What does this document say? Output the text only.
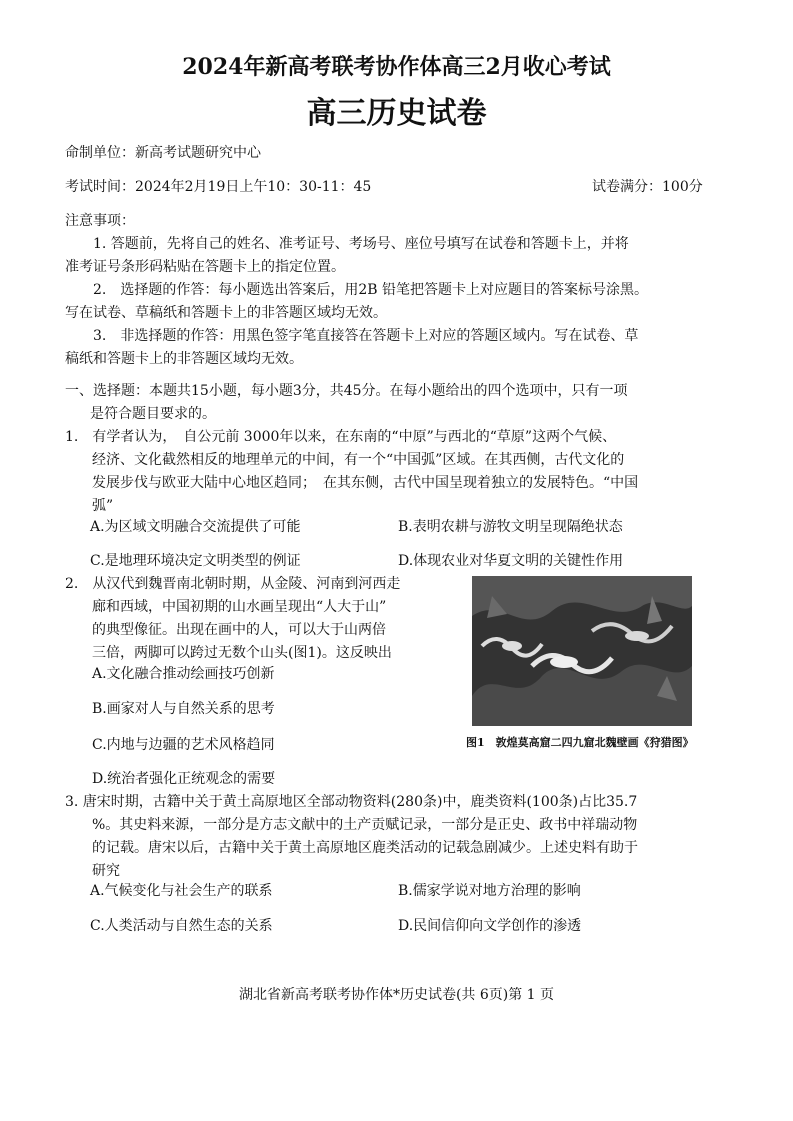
2024年新高考联考协作体高三2月收心考试
高三历史试卷
命制单位：新高考试题研究中心
考试时间：2024年2月19日上午10：30-11：45	试卷满分：100分
注意事项：
1. 答题前，先将自己的姓名、准考证号、考场号、座位号填写在试卷和答题卡上，并将
准考证号条形码粘贴在答题卡上的指定位置。
2.　选择题的作答：每小题选出答案后，用2B 铅笔把答题卡上对应题目的答案标号涂黑。
写在试卷、草稿纸和答题卡上的非答题区域均无效。
3.　非选择题的作答：用黑色签字笔直接答在答题卡上对应的答题区域内。写在试卷、草
稿纸和答题卡上的非答题区域均无效。
一、选择题：本题共15小题，每小题3分，共45分。在每小题给出的四个选项中，只有一项
是符合题目要求的。
1.　有学者认为，　自公元前 3000年以来，在东南的“中原”与西北的“草原”这两个气候、
经济、文化截然相反的地理单元的中间，有一个“中国弧”区域。在其西侧，古代文化的
发展步伐与欧亚大陆中心地区趋同；　在其东侧，古代中国呈现着独立的发展特色。“中国
弧”
A.为区域文明融合交流提供了可能	B.表明农耕与游牧文明呈现隔绝状态
C.是地理环境决定文明类型的例证	D.体现农业对华夏文明的关键性作用
2.　从汉代到魏晋南北朝时期，从金陵、河南到河西走
廊和西域，中国初期的山水画呈现出“人大于山”
的典型像征。出现在画中的人，可以大于山两倍
三倍，两脚可以跨过无数个山头(图1)。这反映出
A.文化融合推动绘画技巧创新
B.画家对人与自然关系的思考
C.内地与边疆的艺术风格趋同
D.统治者强化正统观念的需要
图1　敦煌莫高窟二四九窟北魏壁画《狩猎图》
3. 唐宋时期，古籍中关于黄土高原地区全部动物资料(280条)中，鹿类资料(100条)占比35.7
%。其史料来源，一部分是方志文献中的土产贡赋记录，一部分是正史、政书中祥瑞动物
的记载。唐宋以后，古籍中关于黄土高原地区鹿类活动的记载急剧减少。上述史料有助于
研究
A.气候变化与社会生产的联系	B.儒家学说对地方治理的影响
C.人类活动与自然生态的关系	D.民间信仰向文学创作的渗透
湖北省新高考联考协作体*历史试卷(共 6页)第 1 页
